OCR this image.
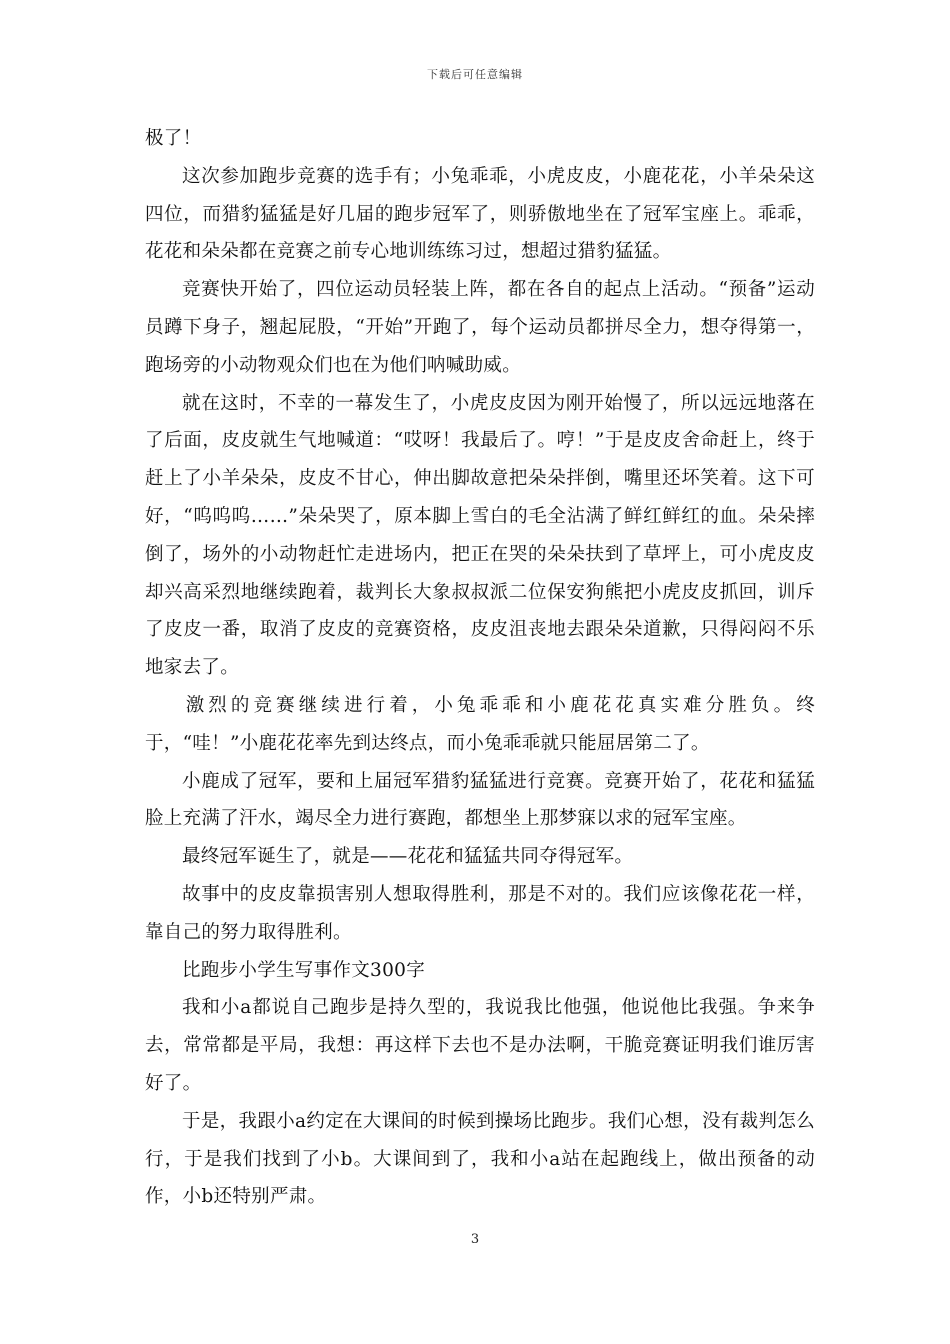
下载后可任意编辑

极了！

这次参加跑步竞赛的选手有；小兔乖乖，小虎皮皮，小鹿花花，小羊朵朵这四位，而猎豹猛猛是好几届的跑步冠军了，则骄傲地坐在了冠军宝座上。乖乖，花花和朵朵都在竞赛之前专心地训练练习过，想超过猎豹猛猛。

竞赛快开始了，四位运动员轻装上阵，都在各自的起点上活动。“预备”运动员蹲下身子，翘起屁股，“开始”开跑了，每个运动员都拼尽全力，想夺得第一，跑场旁的小动物观众们也在为他们呐喊助威。

就在这时，不幸的一幕发生了，小虎皮皮因为刚开始慢了，所以远远地落在了后面，皮皮就生气地喊道：“哎呀！我最后了。哼！”于是皮皮舍命赶上，终于赶上了小羊朵朵，皮皮不甘心，伸出脚故意把朵朵拌倒，嘴里还坏笑着。这下可好，“呜呜呜……”朵朵哭了，原本脚上雪白的毛全沾满了鲜红鲜红的血。朵朵摔倒了，场外的小动物赶忙走进场内，把正在哭的朵朵扶到了草坪上，可小虎皮皮却兴高采烈地继续跑着，裁判长大象叔叔派二位保安狗熊把小虎皮皮抓回，训斥了皮皮一番，取消了皮皮的竞赛资格，皮皮沮丧地去跟朵朵道歉，只得闷闷不乐地家去了。

激烈的竞赛继续进行着，小兔乖乖和小鹿花花真实难分胜负。终于，“哇！”小鹿花花率先到达终点，而小兔乖乖就只能屈居第二了。

小鹿成了冠军，要和上届冠军猎豹猛猛进行竞赛。竞赛开始了，花花和猛猛脸上充满了汗水，竭尽全力进行赛跑，都想坐上那梦寐以求的冠军宝座。

最终冠军诞生了，就是——花花和猛猛共同夺得冠军。

故事中的皮皮靠损害别人想取得胜利，那是不对的。我们应该像花花一样，靠自己的努力取得胜利。

比跑步小学生写事作文300字

我和小a都说自己跑步是持久型的，我说我比他强，他说他比我强。争来争去，常常都是平局，我想：再这样下去也不是办法啊，干脆竞赛证明我们谁厉害好了。

于是，我跟小a约定在大课间的时候到操场比跑步。我们心想，没有裁判怎么行，于是我们找到了小b。大课间到了，我和小a站在起跑线上，做出预备的动作，小b还特别严肃。

3
